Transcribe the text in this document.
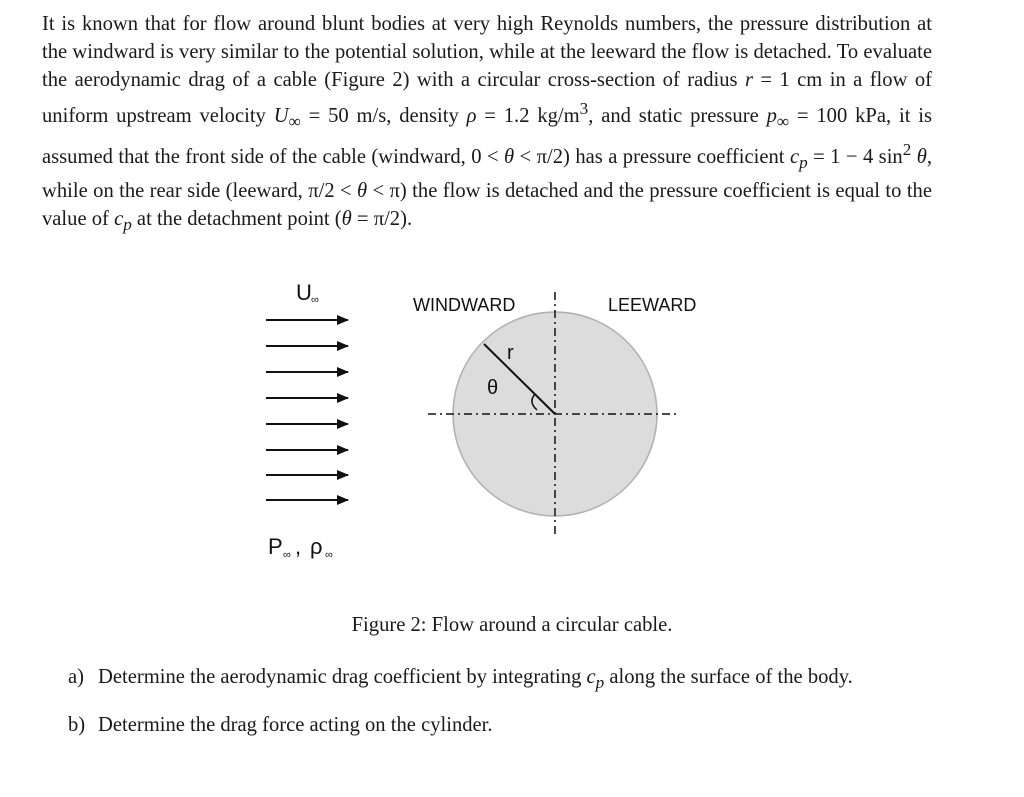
It is known that for flow around blunt bodies at very high Reynolds numbers, the pressure distribution at the windward is very similar to the potential solution, while at the leeward the flow is detached. To evaluate the aerodynamic drag of a cable (Figure 2) with a circular cross-section of radius r = 1 cm in a flow of uniform upstream velocity $U_\infty = 50$ m/s, density ρ = 1.2 $kg/m^3$, and static pressure $p_\infty = 100$ kPa, it is assumed that the front side of the cable (windward, 0 < θ < π/2) has a pressure coefficient $c_p = 1 - 4$ $\sin^2 \theta$, while on the rear side (leeward, π/2 < θ < π) the flow is detached and the pressure coefficient is equal to the value of $c_p$ at the detachment point (θ = π/2).
U ∞	WINDWARD	LEEWARD
r
θ
P ∞ , ρ ∞
Figure 2: Flow around a circular cable.
a) Determine the aerodynamic drag coefficient by integrating $c_p$ along the surface of the body.
b) Determine the drag force acting on the cylinder.
